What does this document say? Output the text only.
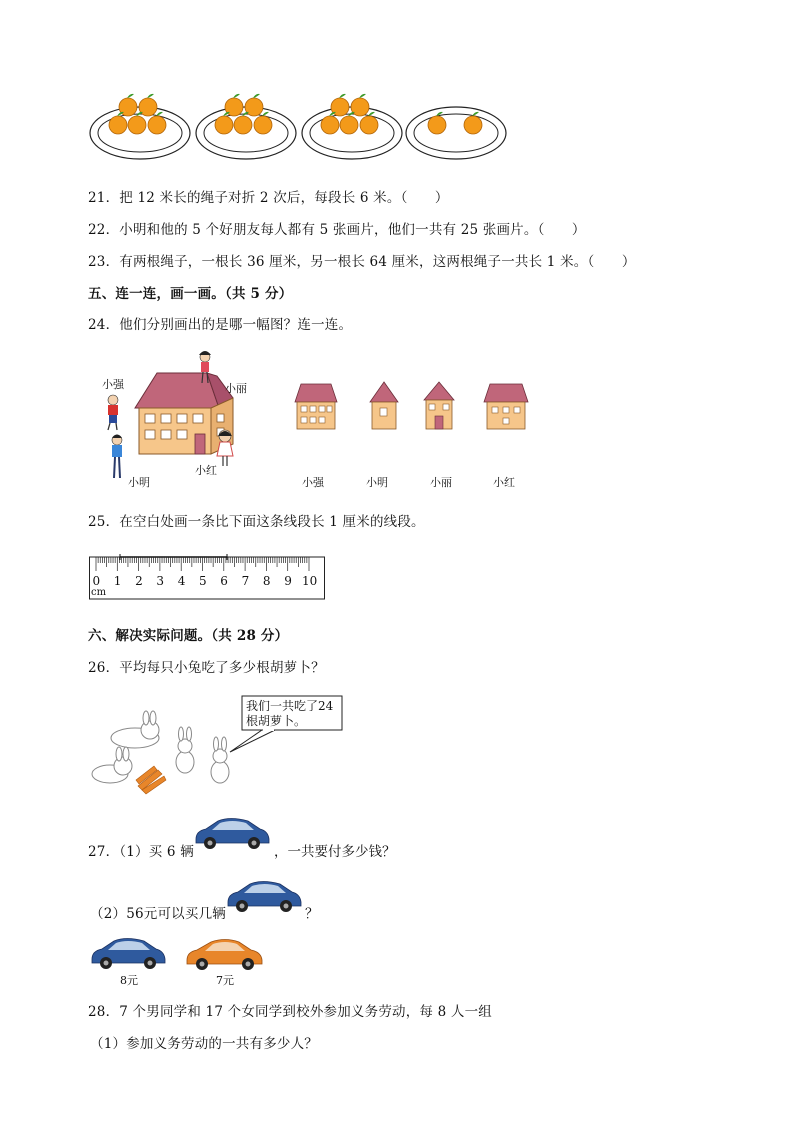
21．把 12 米长的绳子对折 2 次后，每段长 6 米。（　　）
22．小明和他的 5 个好朋友每人都有 5 张画片，他们一共有 25 张画片。（　　）
23．有两根绳子，一根长 36 厘米，另一根长 64 厘米，这两根绳子一共长 1 米。（　　）
五、连一连，画一画。（共 5 分）
24．他们分别画出的是哪一幅图？连一连。
小强	小丽
小明
小红
小强	小明	小丽	小红
25．在空白处画一条比下面这条线段长 1 厘米的线段。
0 1 2 3 4 5 6 7 8 9 10
cm
六、解决实际问题。（共 28 分）
26．平均每只小兔吃了多少根胡萝卜？
我们一共吃了24
根胡萝卜。
27．（1）买 6 辆	，一共要付多少钱？
（2）56元可以买几辆	？
8元	7元
28．7 个男同学和 17 个女同学到校外参加义务劳动，每 8 人一组
（1）参加义务劳动的一共有多少人？
